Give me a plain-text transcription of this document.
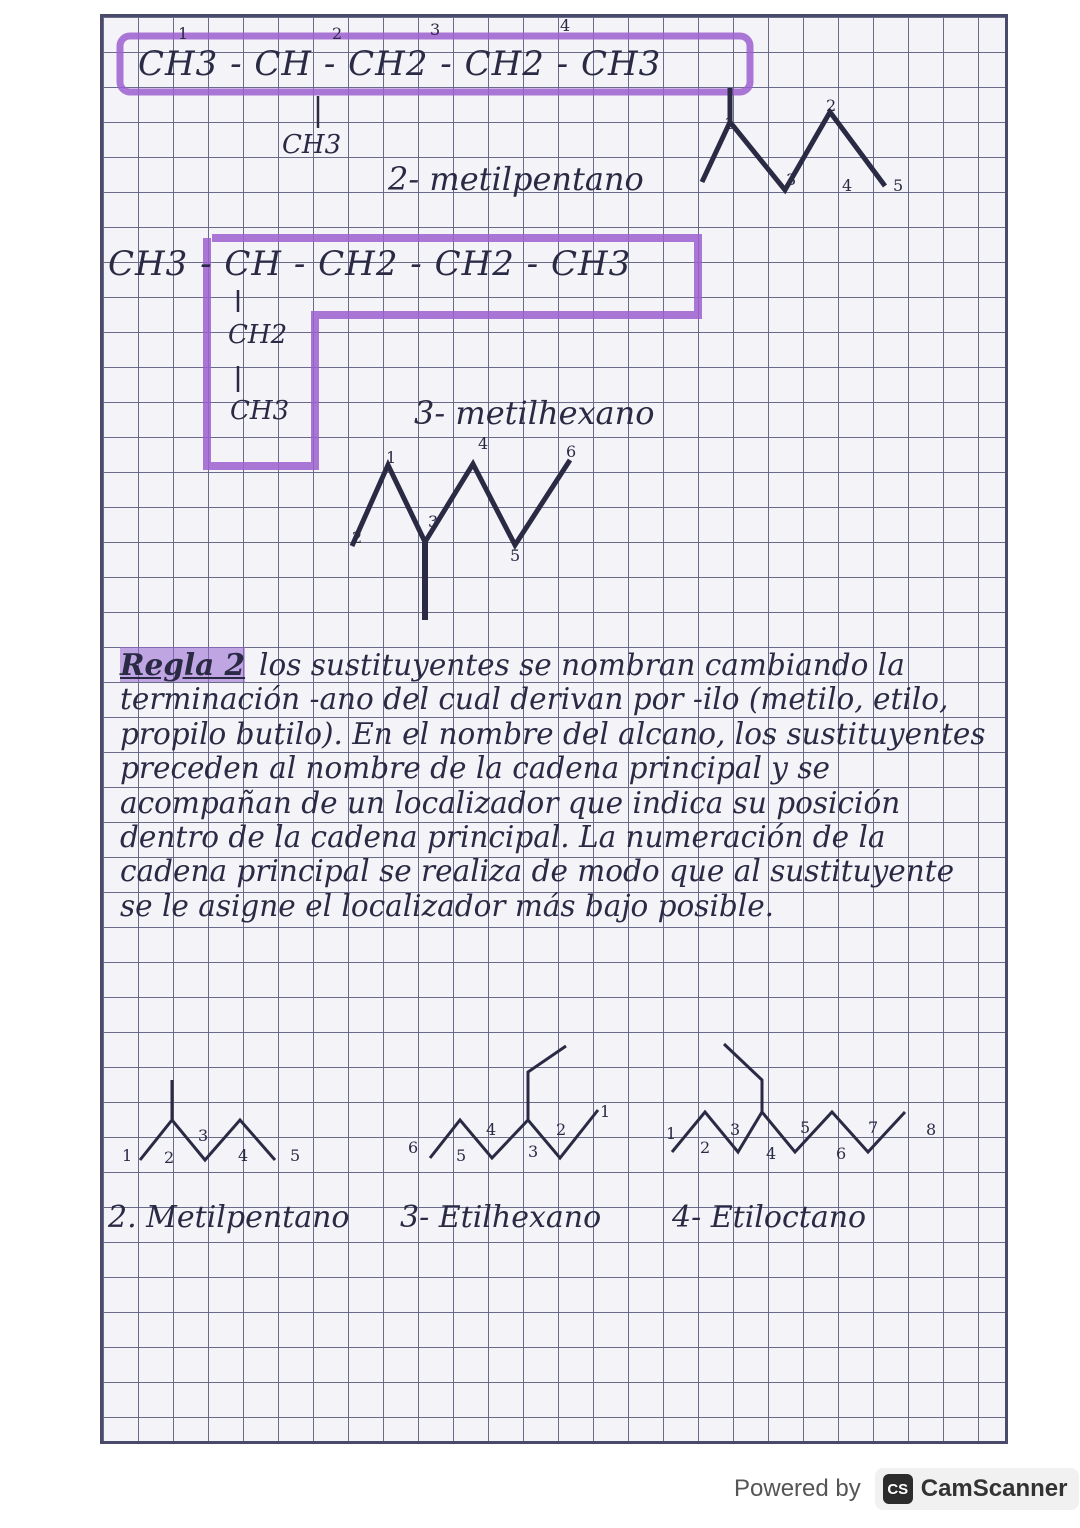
1	2	3	4
CH3 - CH - CH2 - CH2 - CH3
CH3
2- metilpentano
1
2
3	4	5
CH3 - CH - CH2 - CH2 - CH3
CH2
CH3	3- metilhexano
1
2
3
4
5
6
Regla 2 los sustituyentes se nombran cambiando la terminación -ano del cual derivan por -ilo (metilo, etilo, propilo butilo). En el nombre del alcano, los sustituyentes preceden al nombre de la cadena principal y se acompañan de un localizador que indica su posición dentro de la cadena principal. La numeración de la cadena principal se realiza de modo que al sustituyente se le asigne el localizador más bajo posible.
1 2
3
4	5	6 5
4
3
2
1
1
2
3
4
5
6
7	8
2. Metilpentano 3- Etilhexano 4- Etiloctano
Powered by	CS CamScanner
